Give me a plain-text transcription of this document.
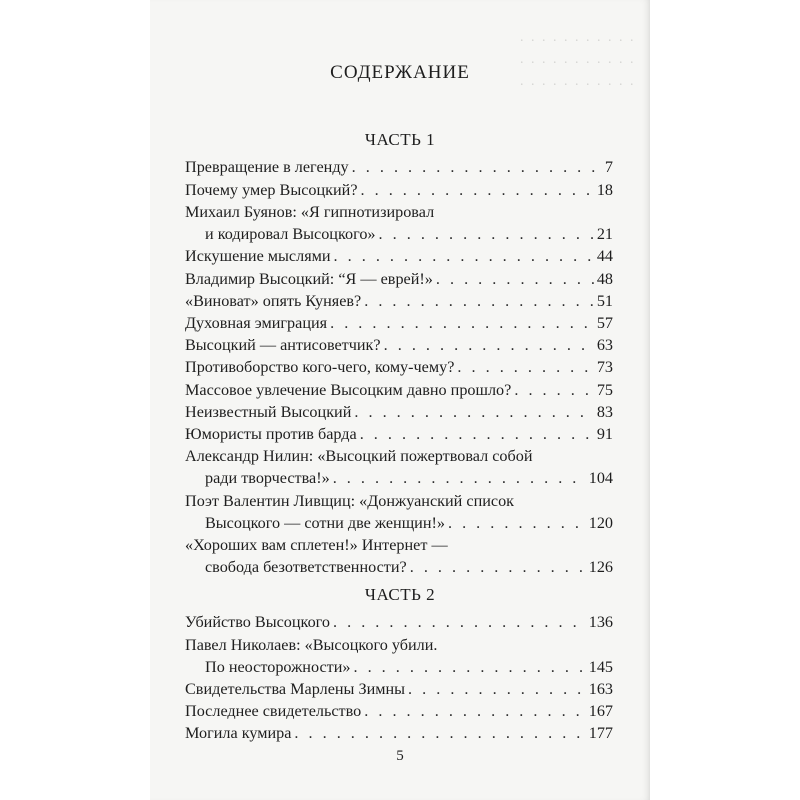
. . . . . . . . . . .
. . . . . . . . . . .
. . . . . . . . . . .
СОДЕРЖАНИЕ
ЧАСТЬ 1
Превращение в легенду . . .	7
Почему умер Высоцкий? . . .	18
Михаил Буянов: «Я гипнотизировал
и кодировал Высоцкого» . . .	21
Искушение мыслями . . .	44
Владимир Высоцкий: “Я — еврей!» . . .	48
«Виноват» опять Куняев? . . .	51
Духовная эмиграция . . .	57
Высоцкий — антисоветчик? . . .	63
Противоборство кого-чего, кому-чему? . . .	73
Массовое увлечение Высоцким давно прошло? . . .	75
Неизвестный Высоцкий . . .	83
Юмористы против барда . . .	91
Александр Нилин: «Высоцкий пожертвовал собой
ради творчества!» . . .	104
Поэт Валентин Ливщиц: «Донжуанский список
Высоцкого — сотни две женщин!» . . .	120
«Хороших вам сплетен!» Интернет —
свобода безответственности? . . .	126
ЧАСТЬ 2
Убийство Высоцкого . . .	136
Павел Николаев: «Высоцкого убили.
По неосторожности» . . .	145
Свидетельства Марлены Зимны . . .	163
Последнее свидетельство . . .	167
Могила кумира . . .	177
5
